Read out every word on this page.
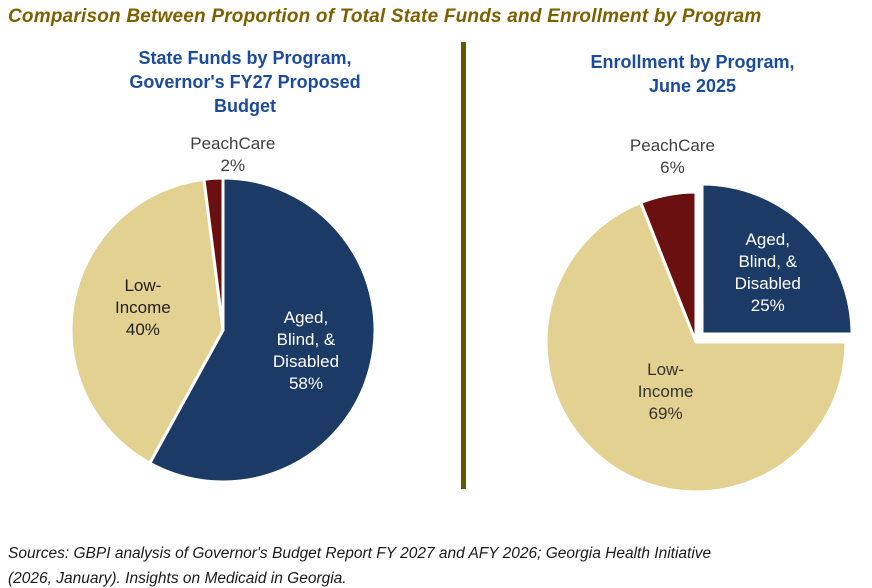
Comparison Between Proportion of Total State Funds and Enrollment by Program
State Funds by Program,
Governor's FY27 Proposed
Budget
Enrollment by Program,
June 2025
Aged,
Blind, &
Disabled
58%
Low-
Income
40%
PeachCare
2%
Aged,
Blind, &
Disabled
25%
Low-
Income
69%
PeachCare
6%
Sources: GBPI analysis of Governor's Budget Report FY 2027 and AFY 2026; Georgia Health Initiative
(2026, January). Insights on Medicaid in Georgia.
